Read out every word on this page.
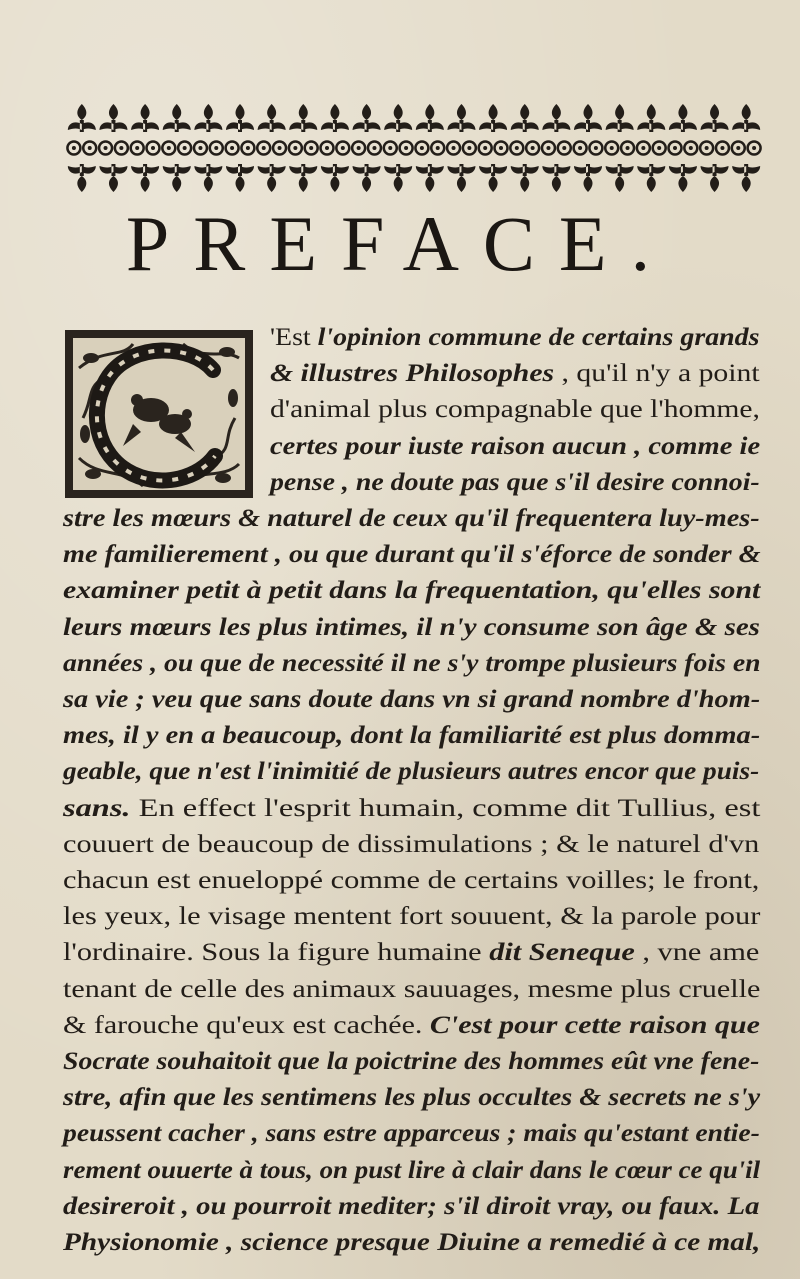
PREFACE.
'Est l'opinion commune de certains grands
& illustres Philosophes , qu'il n'y a point
d'animal plus compagnable que l'homme,
certes pour iuste raison aucun , comme ie
pense , ne doute pas que s'il desire connoi-
stre les mœurs & naturel de ceux qu'il frequentera luy-mes-
me familierement , ou que durant qu'il s'éforce de sonder &
examiner petit à petit dans la frequentation, qu'elles sont
leurs mœurs les plus intimes, il n'y consume son âge & ses
années , ou que de necessité il ne s'y trompe plusieurs fois en
sa vie ; veu que sans doute dans vn si grand nombre d'hom-
mes, il y en a beaucoup, dont la familiarité est plus domma-
geable, que n'est l'inimitié de plusieurs autres encor que puis-
sans. En effect l'esprit humain, comme dit Tullius, est
couuert de beaucoup de dissimulations ; & le naturel d'vn
chacun est enueloppé comme de certains voilles; le front,
les yeux, le visage mentent fort souuent, & la parole pour
l'ordinaire. Sous la figure humaine dit Seneque , vne ame
tenant de celle des animaux sauuages, mesme plus cruelle
& farouche qu'eux est cachée. C'est pour cette raison que
Socrate souhaitoit que la poictrine des hommes eût vne fene-
stre, afin que les sentimens les plus occultes & secrets ne s'y
peussent cacher , sans estre apparceus ; mais qu'estant entie-
rement ouuerte à tous, on pust lire à clair dans le cœur ce qu'il
desireroit , ou pourroit mediter; s'il diroit vray, ou faux. La
Physionomie , science presque Diuine a remedié à ce mal,
